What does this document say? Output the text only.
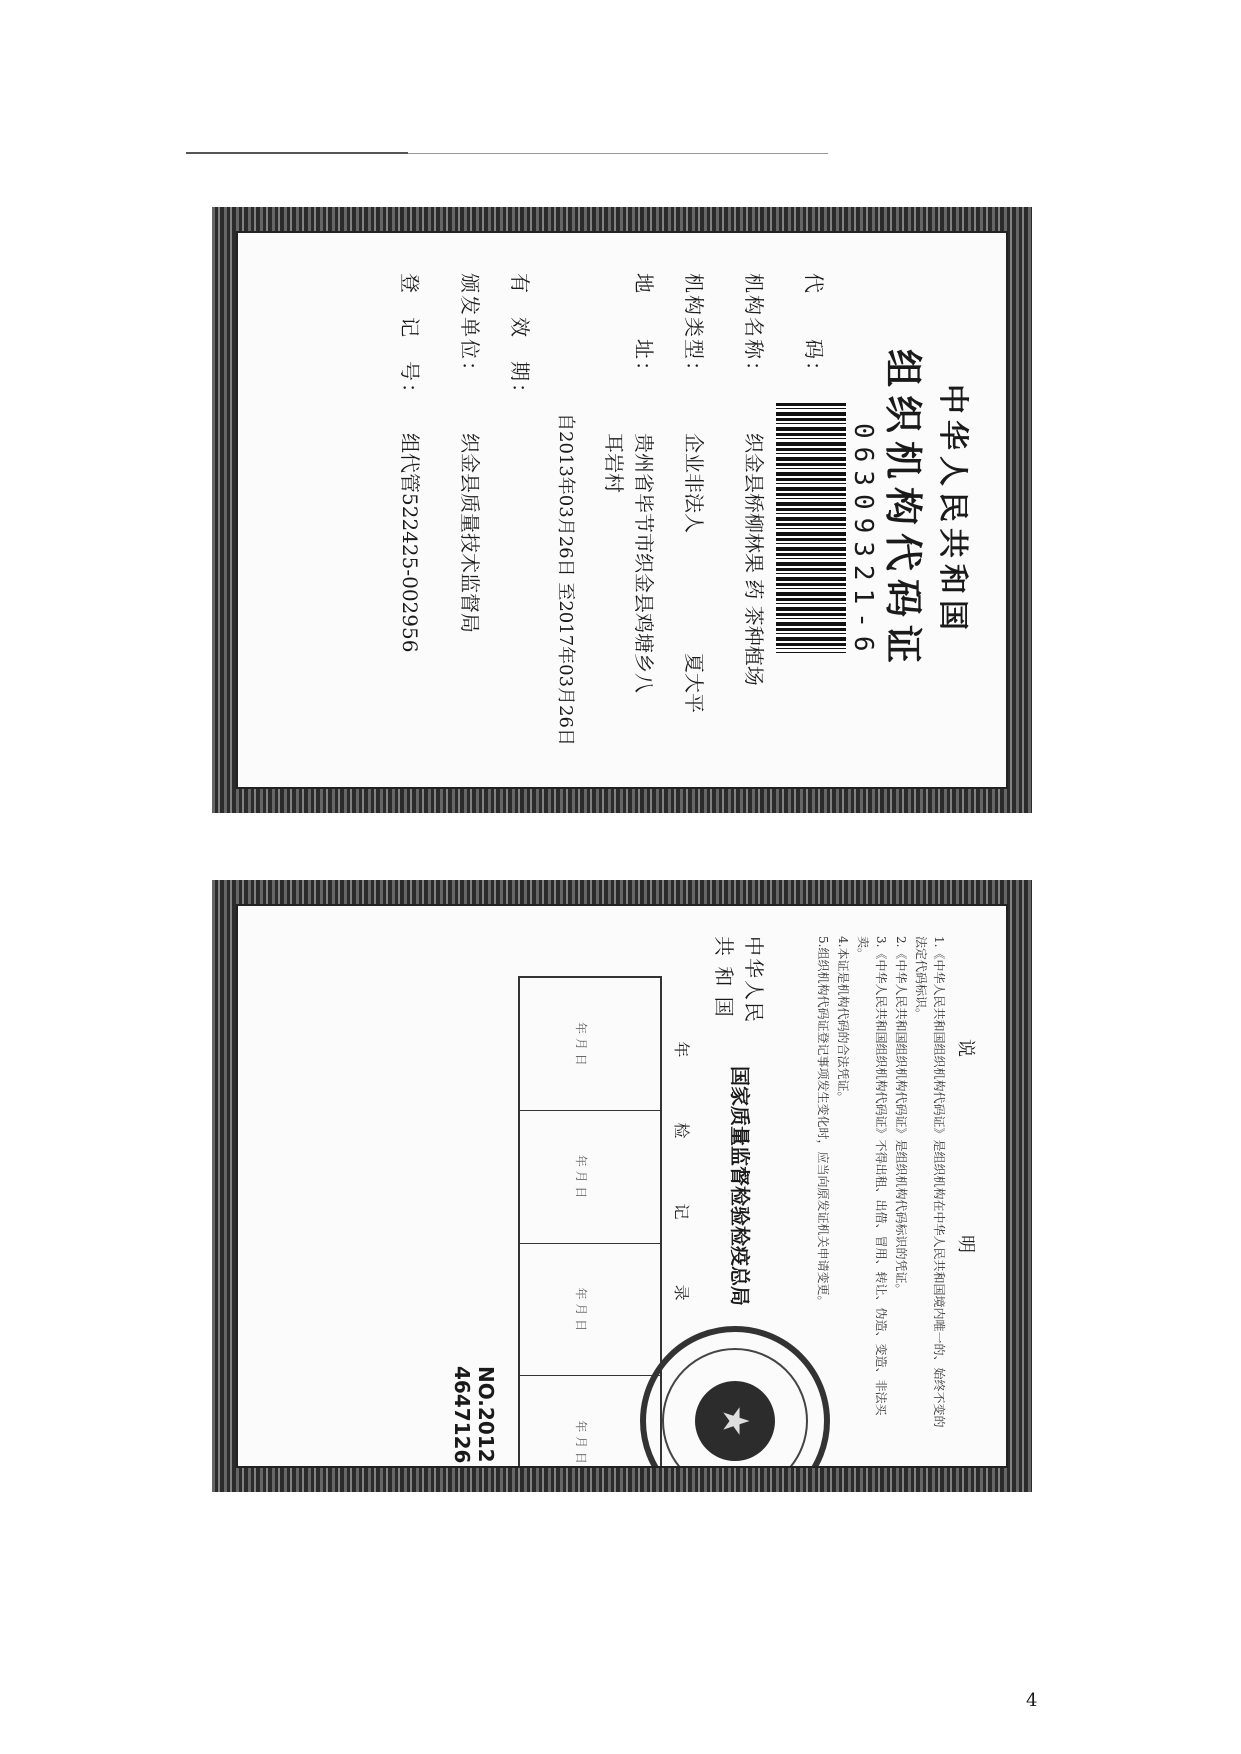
中华人民共和国
组织机构代码证
06309321-6
代　　码：
机构名称：
织金县桥柳林果 药 茶种植场
机构类型：
企业非法人
夏大平
地　　址：
贵州省毕节市织金县鸡塘乡八
耳岩村
自2013年03月26日 至2017年03月26日
有　效　期：
颁发单位：
织金县质量技术监督局
登　记　号：
组代管522425-002956
说　明

1.《中华人民共和国组织机构代码证》是组织机构在中华人民共和国境内唯一的、始终不变的法定代码标识。

2.《中华人民共和国组织机构代码证》是组织机构代码标识的凭证。

3.《中华人民共和国组织机构代码证》不得出租、出借、冒用、转让、伪造、变造、非法买卖。

4.本证是机构代码的合法凭证。

5.组织机构代码证登记事项发生变化时，应当向原发证机关申请变更。

中华人民
共 和 国
国家质量监督检验检疫总局
★
年 检 记 录
年 月 日
年 月 日
年 月 日
年 月 日
NO.2012 4647126
4
